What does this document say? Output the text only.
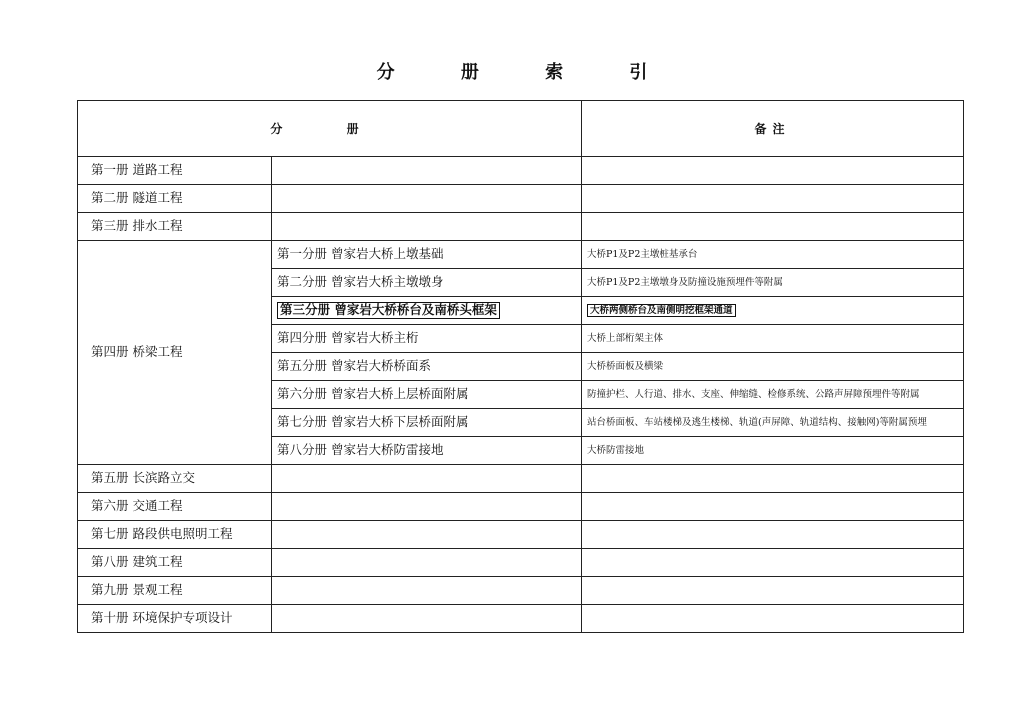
分 册 索 引
分 册		备注
第一册 道路工程		
第二册 隧道工程		
第三册 排水工程		
第四册 桥梁工程	第一分册 曾家岩大桥上墩基础	大桥P1及P2主墩桩基承台
	第二分册 曾家岩大桥主墩墩身	大桥P1及P2主墩墩身及防撞设施预埋件等附属
	第三分册 曾家岩大桥桥台及南桥头框架	大桥两侧桥台及南侧明挖框架通道
	第四分册 曾家岩大桥主桁	大桥上部桁架主体
	第五分册 曾家岩大桥桥面系	大桥桥面板及横梁
	第六分册 曾家岩大桥上层桥面附属	防撞护栏、人行道、排水、支座、伸缩缝、检修系统、公路声屏障预埋件等附属
	第七分册 曾家岩大桥下层桥面附属	站台桥面板、车站楼梯及逃生楼梯、轨道(声屏障、轨道结构、接触网)等附属预埋
	第八分册 曾家岩大桥防雷接地	大桥防雷接地
第五册 长滨路立交		
第六册 交通工程		
第七册 路段供电照明工程		
第八册 建筑工程		
第九册 景观工程		
第十册 环境保护专项设计		
